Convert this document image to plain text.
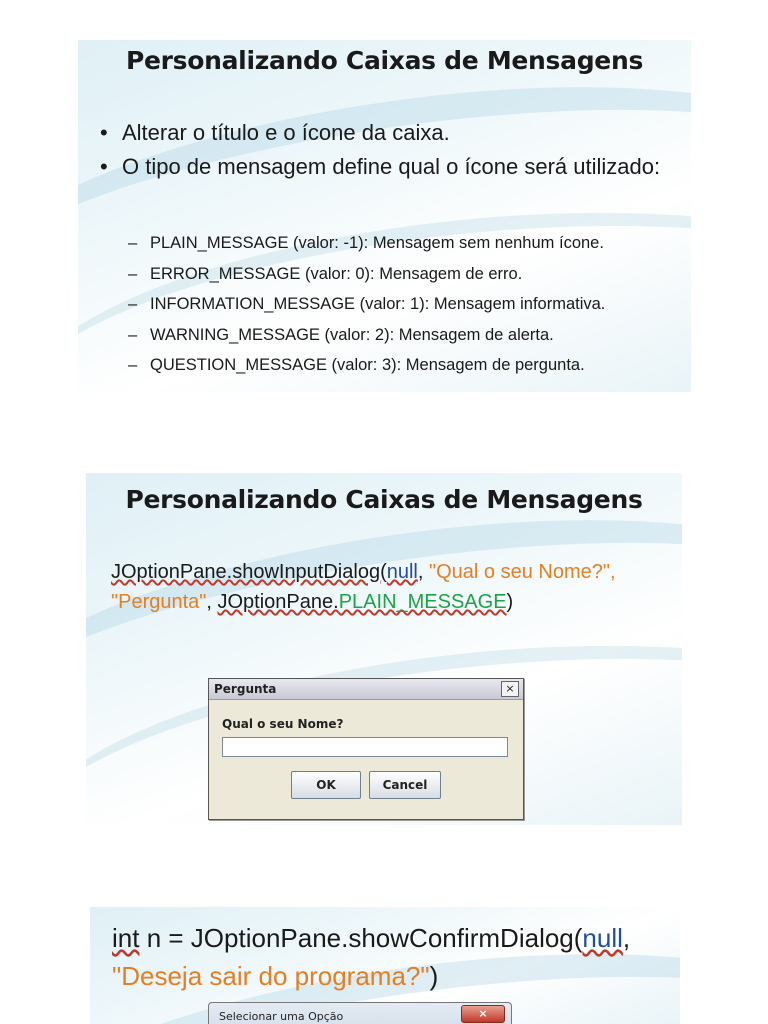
Personalizando Caixas de Mensagens
• Alterar o título e o ícone da caixa.
• O tipo de mensagem define qual o ícone será utilizado:
– PLAIN_MESSAGE (valor: -1): Mensagem sem nenhum ícone.
– ERROR_MESSAGE (valor: 0): Mensagem de erro.
– INFORMATION_MESSAGE (valor: 1): Mensagem informativa.
– WARNING_MESSAGE (valor: 2): Mensagem de alerta.
– QUESTION_MESSAGE (valor: 3): Mensagem de pergunta.
Personalizando Caixas de Mensagens
JOptionPane.showInputDialog(null, "Qual o seu Nome?",
"Pergunta", JOptionPane.PLAIN_MESSAGE)
Pergunta	×
Qual o seu Nome?
OK	Cancel
int n = JOptionPane.showConfirmDialog(null,
"Deseja sair do programa?")
Selecionar uma Opção	×
